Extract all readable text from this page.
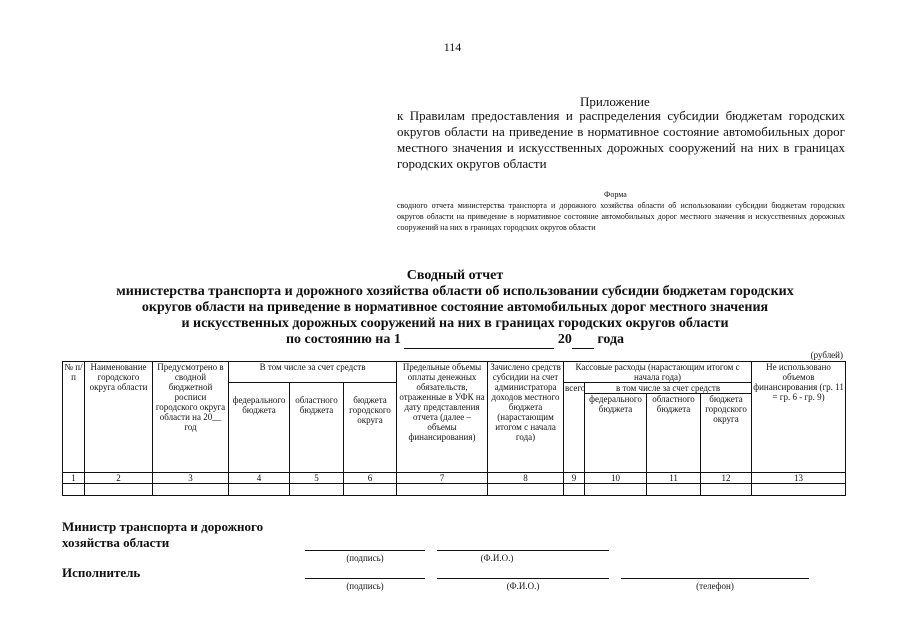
114
Приложение
к Правилам предоставления и распределения субсидии бюджетам городских округов области на приведение в нормативное состояние автомобильных дорог местного значения и искусственных дорожных сооружений на них в границах городских округов области
Форма
сводного отчета министерства транспорта и дорожного хозяйства области об использовании субсидии бюджетам городских округов области на приведение в нормативное состояние автомобильных дорог местного значения и искусственных дорожных сооружений на них в границах городских округов области
Сводный отчет
министерства транспорта и дорожного хозяйства области об использовании субсидии бюджетам городских
округов области на приведение в нормативное состояние автомобильных дорог местного значения
и искусственных дорожных сооружений на них в границах городских округов области
по состоянию на 1	20 года
(рублей)
№ п/п	Наименование городского округа области	Предусмотрено в сводной бюджетной росписи городского округа области на 20__ год	В том числе за счет средств			Предельные объемы оплаты денежных обязательств, отраженные в УФК на дату представления отчета (далее – объемы финансирования)	Зачислено средств субсидии на счет администратора доходов местного бюджета (нарастающим итогом с начала года)	Кассовые расходы (нарастающим итогом с начала года)				Не использовано объемов финансирования (гр. 11 = гр. 6 - гр. 9)
			федерального бюджета	областного бюджета	бюджета городского округа			всего	в том числе за счет средств			
									федерального бюджета	областного бюджета	бюджета городского округа	
1	2	3	4	5	6	7	8	9	10	11	12	13

Министр транспорта и дорожного хозяйства области
(подпись)	(Ф.И.О.)
Исполнитель
(подпись)	(Ф.И.О.)	(телефон)
